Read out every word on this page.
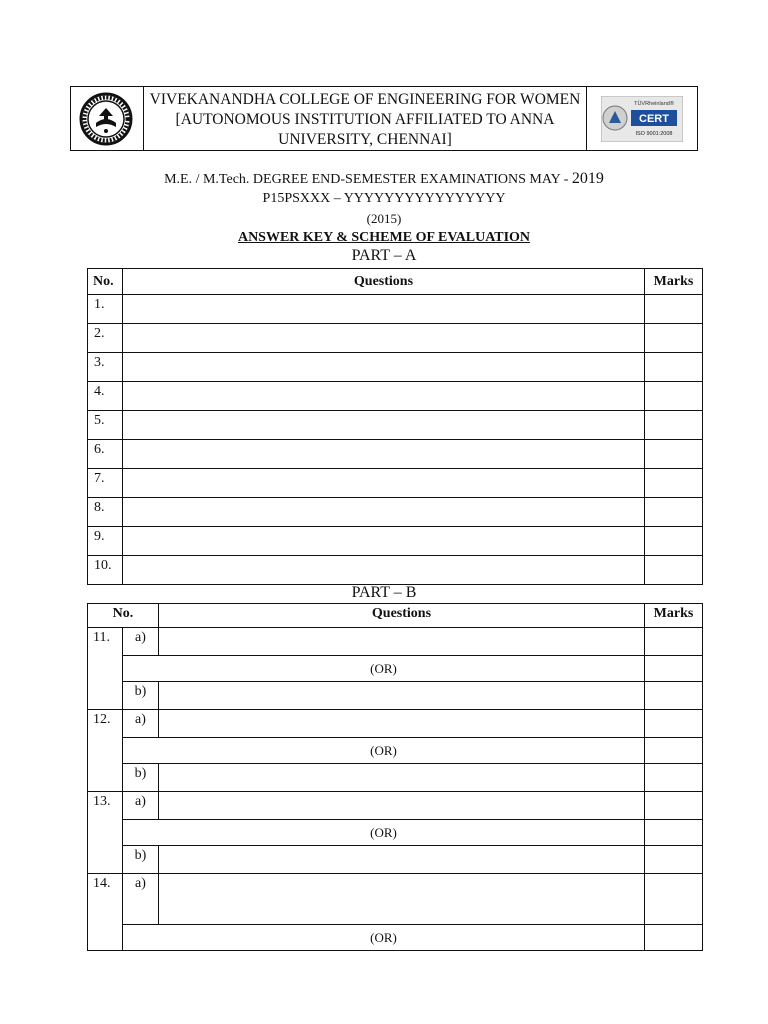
VIVEKANANDHA COLLEGE OF ENGINEERING FOR WOMEN
[AUTONOMOUS INSTITUTION AFFILIATED TO ANNA
UNIVERSITY, CHENNAI]
TÜVRheinland®
CERT
ISO 9001:2008
M.E. / M.Tech. DEGREE END-SEMESTER EXAMINATIONS MAY - 2019
P15PSXXX – YYYYYYYYYYYYYYYY
(2015)
ANSWER KEY & SCHEME OF EVALUATION
PART – A
No.	Questions	Marks
1.		
2.		
3.		
4.		
5.		
6.		
7.		
8.		
9.		
10.		
PART – B
No.		Questions	Marks
11.	a)		
	(OR)		
	b)		
12.	a)		
	(OR)		
	b)		
13.	a)		
	(OR)		
	b)		
14.	a)		
	(OR)		
